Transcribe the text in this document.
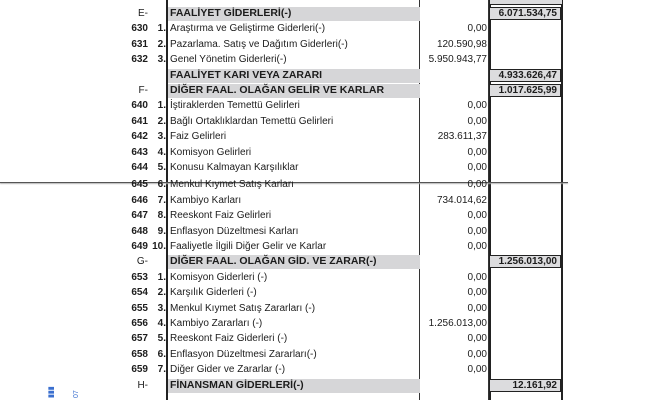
E- FAALİYET GİDERLERİ(-)	6.071.534,75
630 1. Araştırma ve Geliştirme Giderleri(-)	0,00
631 2. Pazarlama. Satış ve Dağıtım Giderleri(-)	120.590,98
632 3. Genel Yönetim Giderleri(-)	5.950.943,77
FAALİYET KARI VEYA ZARARI	4.933.626,47
F- DİĞER FAAL. OLAĞAN GELİR VE KARLAR	1.017.625,99
640 1. İştiraklerden Temettü Gelirleri	0,00
641 2. Bağlı Ortaklıklardan Temettü Gelirleri	0,00
642 3. Faiz Gelirleri	283.611,37
643 4. Komisyon Gelirleri	0,00
644 5. Konusu Kalmayan Karşılıklar	0,00
645 6. Menkul Kıymet Satış Karları	0,00
646 7. Kambiyo Karları	734.014,62
647 8. Reeskont Faiz Gelirleri	0,00
648 9. Enflasyon Düzeltmesi Karları	0,00
649 10. Faaliyetle İlgili Diğer Gelir ve Karlar	0,00
G- DİĞER FAAL. OLAĞAN GİD. VE ZARAR(-)	1.256.013,00
653 1. Komisyon Giderleri (-)	0,00
654 2. Karşılık Giderleri (-)	0,00
655 3. Menkul Kıymet Satış Zararları (-)	0,00
656 4. Kambiyo Zararları (-)	1.256.013,00
657 5. Reeskont Faiz Giderleri (-)	0,00
658 6. Enflasyon Düzeltmesi Zararları(-)	0,00
659 7. Diğer Gider ve Zararlar (-)	0,00
H- FİNANSMAN GİDERLERİ(-)	12.161,92
▮▮▮	07
